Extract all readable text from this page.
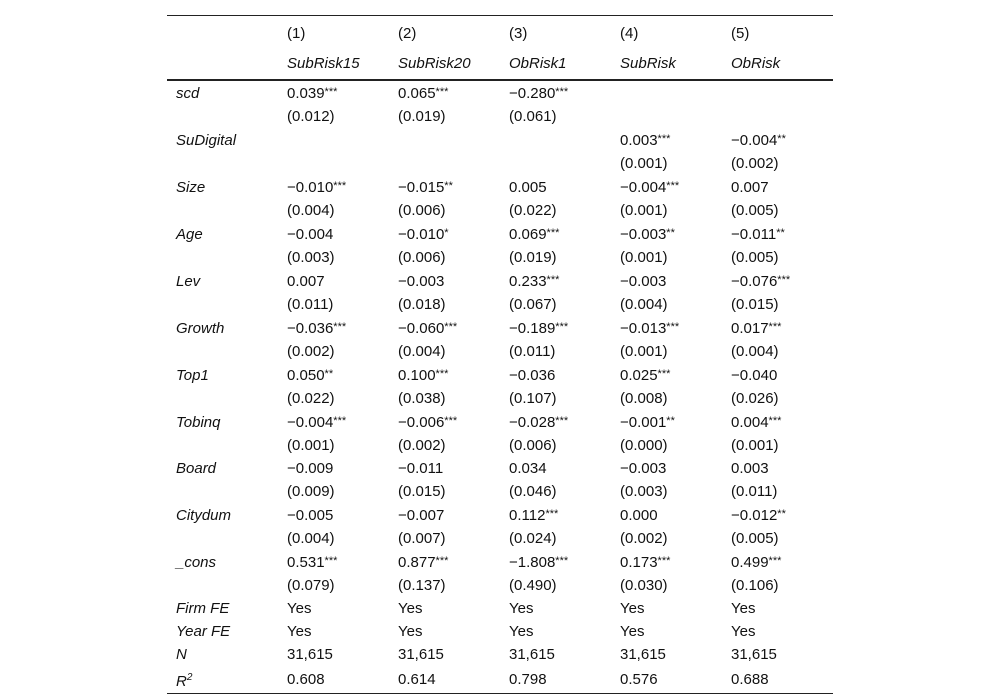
	(1)	(2)	(3)	(4)	(5)
	SubRisk15	SubRisk20	ObRisk1	SubRisk	ObRisk
scd	0.039***	0.065***	−0.280***		
	(0.012)	(0.019)	(0.061)		
SuDigital				0.003***	−0.004**
				(0.001)	(0.002)
Size	−0.010***	−0.015**	0.005	−0.004***	0.007
	(0.004)	(0.006)	(0.022)	(0.001)	(0.005)
Age	−0.004	−0.010*	0.069***	−0.003**	−0.011**
	(0.003)	(0.006)	(0.019)	(0.001)	(0.005)
Lev	0.007	−0.003	0.233***	−0.003	−0.076***
	(0.011)	(0.018)	(0.067)	(0.004)	(0.015)
Growth	−0.036***	−0.060***	−0.189***	−0.013***	0.017***
	(0.002)	(0.004)	(0.011)	(0.001)	(0.004)
Top1	0.050**	0.100***	−0.036	0.025***	−0.040
	(0.022)	(0.038)	(0.107)	(0.008)	(0.026)
Tobinq	−0.004***	−0.006***	−0.028***	−0.001**	0.004***
	(0.001)	(0.002)	(0.006)	(0.000)	(0.001)
Board	−0.009	−0.011	0.034	−0.003	0.003
	(0.009)	(0.015)	(0.046)	(0.003)	(0.011)
Citydum	−0.005	−0.007	0.112***	0.000	−0.012**
	(0.004)	(0.007)	(0.024)	(0.002)	(0.005)
_cons	0.531***	0.877***	−1.808***	0.173***	0.499***
	(0.079)	(0.137)	(0.490)	(0.030)	(0.106)
Firm FE	Yes	Yes	Yes	Yes	Yes
Year FE	Yes	Yes	Yes	Yes	Yes
N	31,615	31,615	31,615	31,615	31,615
$R^2$	0.608	0.614	0.798	0.576	0.688
